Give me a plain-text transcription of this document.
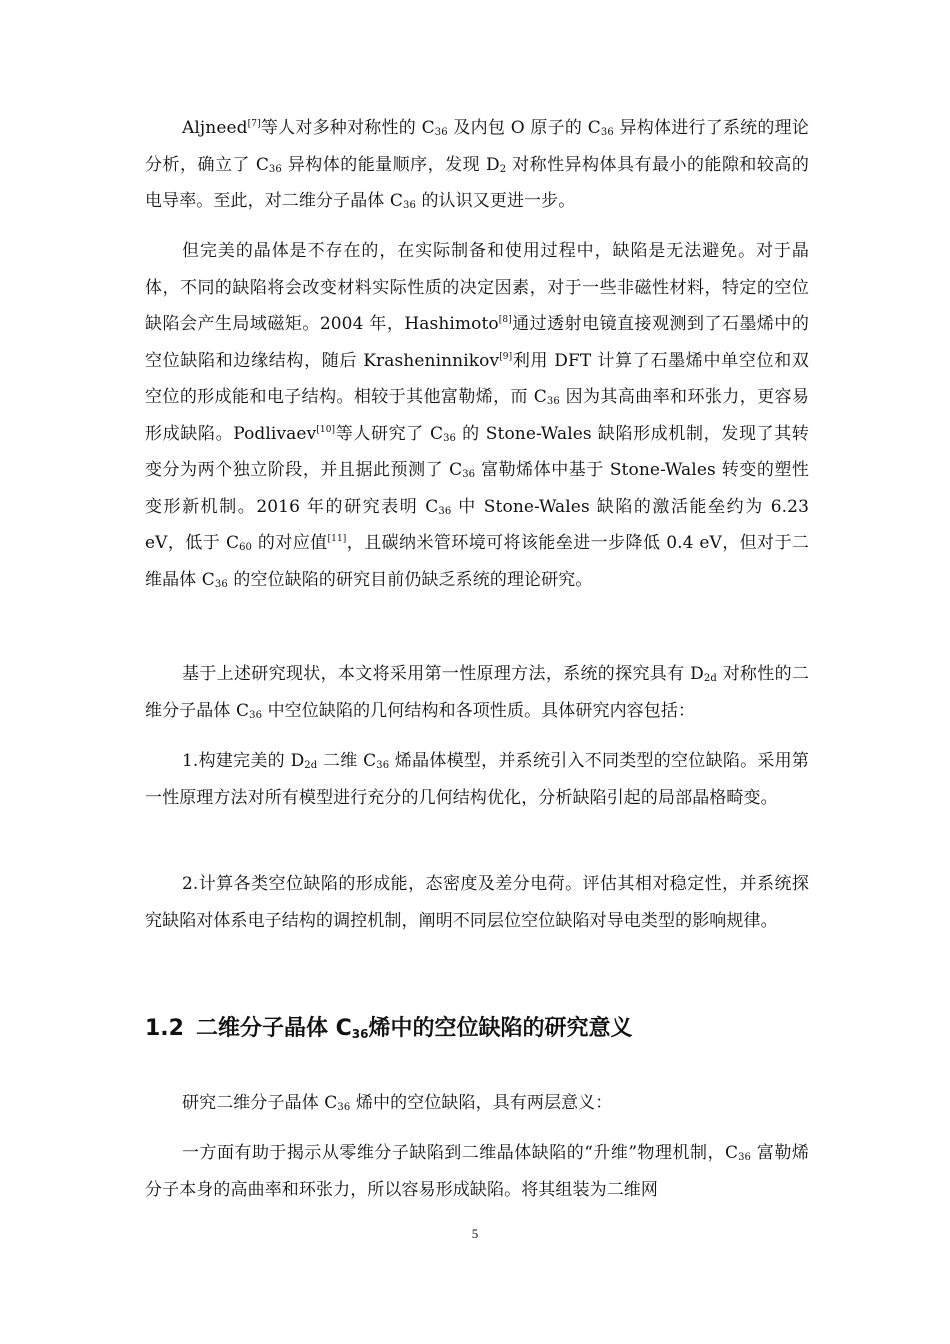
Aljneed[7]等人对多种对称性的 $C_{36}$ 及内包 O 原子的 $C_{36}$ 异构体进行了系统的理论分析，确立了 $C_{36}$ 异构体的能量顺序，发现 $D_2$ 对称性异构体具有最小的能隙和较高的电导率。至此，对二维分子晶体 $C_{36}$ 的认识又更进一步。

但完美的晶体是不存在的，在实际制备和使用过程中，缺陷是无法避免。对于晶体，不同的缺陷将会改变材料实际性质的决定因素，对于一些非磁性材料，特定的空位缺陷会产生局域磁矩。2004 年，Hashimoto[8]通过透射电镜直接观测到了石墨烯中的空位缺陷和边缘结构，随后 Krasheninnikov[9]利用 DFT 计算了石墨烯中单空位和双空位的形成能和电子结构。相较于其他富勒烯，而 $C_{36}$ 因为其高曲率和环张力，更容易形成缺陷。Podlivaev[10]等人研究了 $C_{36}$ 的 Stone-Wales 缺陷形成机制，发现了其转变分为两个独立阶段，并且据此预测了 $C_{36}$ 富勒烯体中基于 Stone-Wales 转变的塑性变形新机制。2016 年的研究表明 $C_{36}$ 中 Stone-Wales 缺陷的激活能垒约为 6.23 eV，低于 $C_{60}$ 的对应值[11]，且碳纳米管环境可将该能垒进一步降低 0.4 eV，但对于二维晶体 $C_{36}$ 的空位缺陷的研究目前仍缺乏系统的理论研究。

基于上述研究现状，本文将采用第一性原理方法，系统的探究具有 $D_{2d}$ 对称性的二维分子晶体 $C_{36}$ 中空位缺陷的几何结构和各项性质。具体研究内容包括：

1.构建完美的 $D_{2d}$ 二维 $C_{36}$ 烯晶体模型，并系统引入不同类型的空位缺陷。采用第一性原理方法对所有模型进行充分的几何结构优化，分析缺陷引起的局部晶格畸变。

2.计算各类空位缺陷的形成能，态密度及差分电荷。评估其相对稳定性，并系统探究缺陷对体系电子结构的调控机制，阐明不同层位空位缺陷对导电类型的影响规律。

1.2 二维分子晶体 $C_{36}$烯中的空位缺陷的研究意义

研究二维分子晶体 $C_{36}$ 烯中的空位缺陷，具有两层意义：

一方面有助于揭示从零维分子缺陷到二维晶体缺陷的“升维”物理机制，$C_{36}$ 富勒烯分子本身的高曲率和环张力，所以容易形成缺陷。将其组装为二维网

5
